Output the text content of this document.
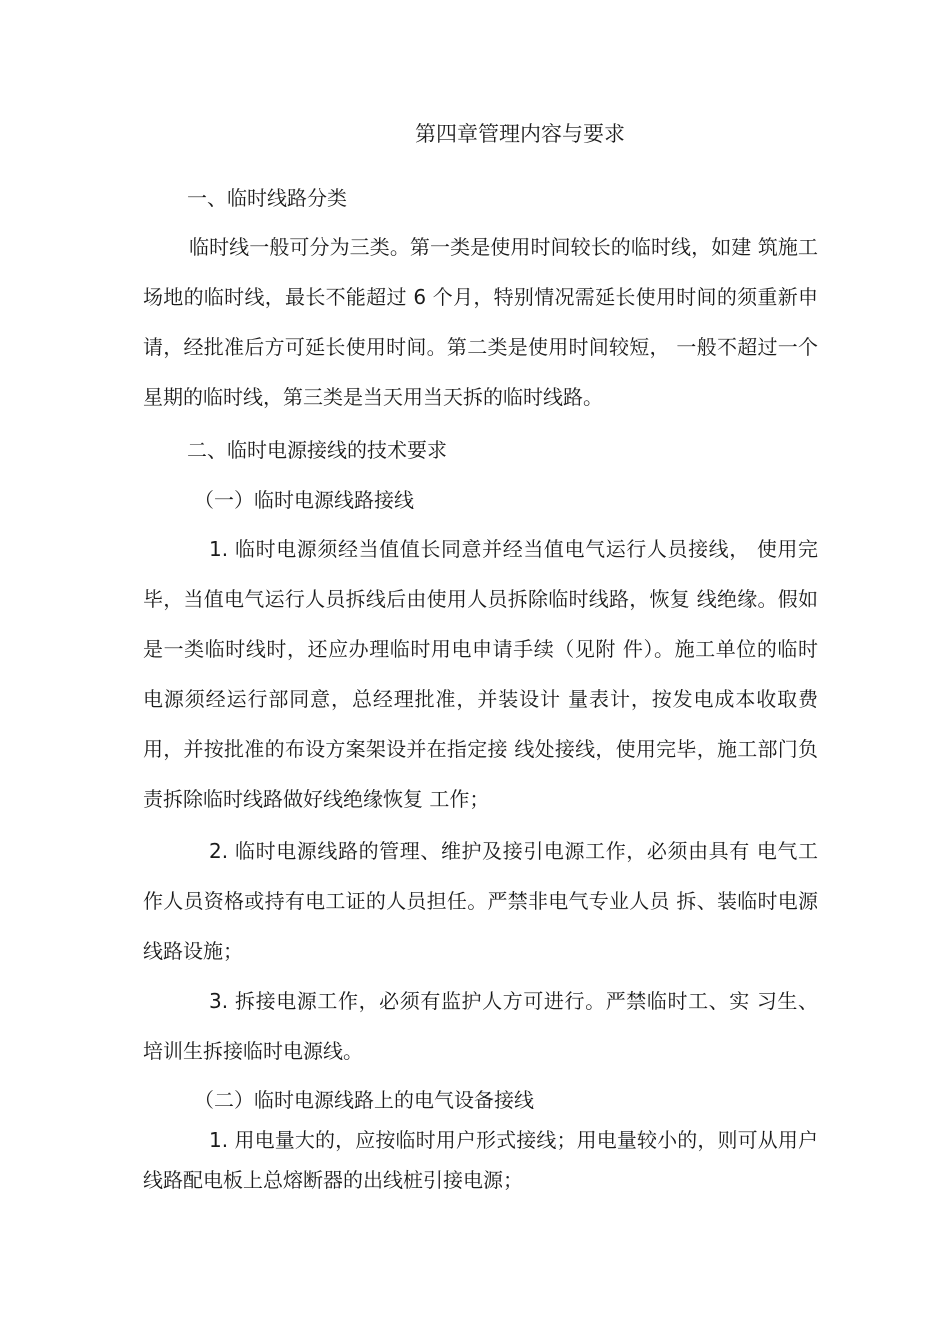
第四章管理内容与要求
一、临时线路分类
临时线一般可分为三类。第一类是使用时间较长的临时线，如建 筑施工场地的临时线，最长不能超过 6 个月，特别情况需延长使用时间的须重新申请，经批准后方可延长使用时间。第二类是使用时间较短， 一般不超过一个星期的临时线，第三类是当天用当天拆的临时线路。
二、临时电源接线的技术要求
（一）临时电源线路接线
1. 临时电源须经当值值长同意并经当值电气运行人员接线， 使用完毕，当值电气运行人员拆线后由使用人员拆除临时线路，恢复 线绝缘。假如是一类临时线时，还应办理临时用电申请手续（见附 件）。施工单位的临时电源须经运行部同意，总经理批准，并装设计 量表计，按发电成本收取费用，并按批准的布设方案架设并在指定接 线处接线，使用完毕，施工部门负责拆除临时线路做好线绝缘恢复 工作；
2. 临时电源线路的管理、维护及接引电源工作，必须由具有 电气工作人员资格或持有电工证的人员担任。严禁非电气专业人员 拆、装临时电源线路设施；
3. 拆接电源工作，必须有监护人方可进行。严禁临时工、实 习生、培训生拆接临时电源线。
（二）临时电源线路上的电气设备接线
1. 用电量大的，应按临时用户形式接线；用电量较小的，则可从用户线路配电板上总熔断器的出线桩引接电源；
